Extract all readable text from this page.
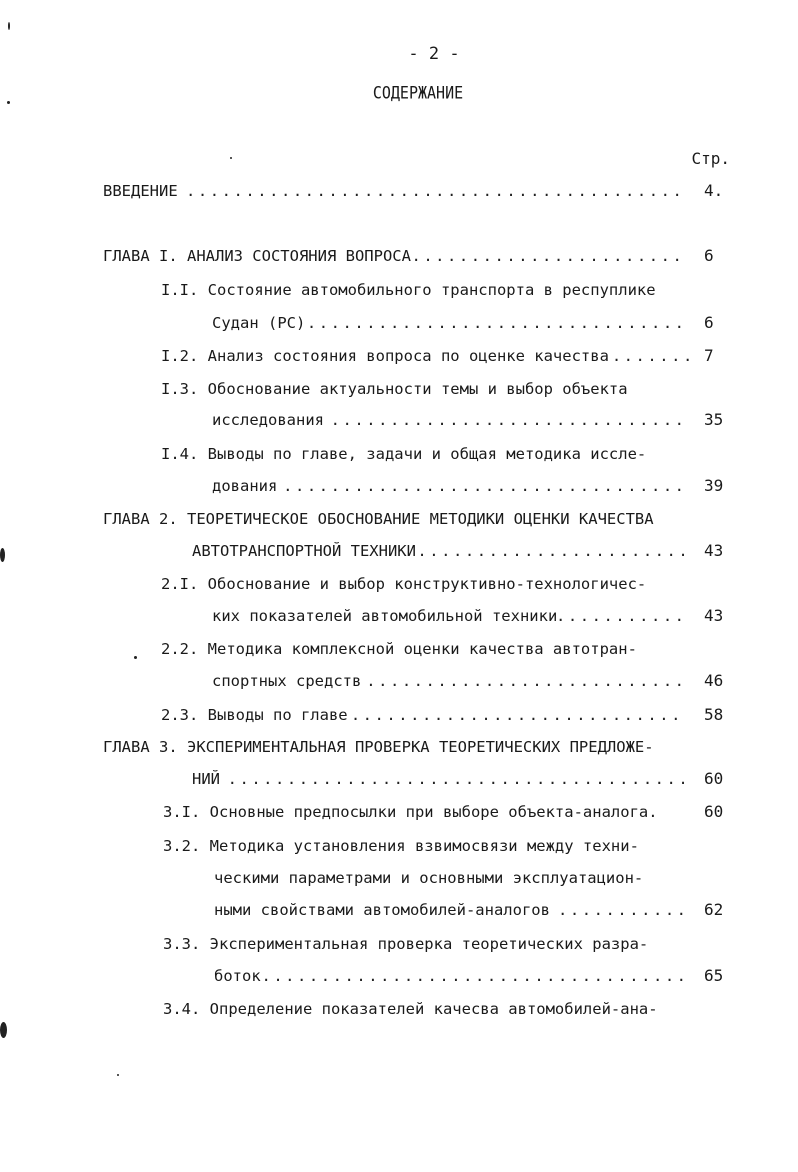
- 2 -
СОДЕРЖАНИЕ
Стр.
ВВЕДЕНИЕ . . .	4.
ГЛАВА I. АНАЛИЗ СОСТОЯНИЯ ВОПРОСА . . .	6
I.I. Состояние автомобильного транспорта в респуплике
Судан (PC) . . .	6
I.2. Анализ состояния вопроса по оценке качества . . .	7
I.3. Обоснование актуальности темы и выбор объекта
исследования . . .	35
I.4. Выводы по главе, задачи и общая методика иссле-
дования . . .	39
ГЛАВА 2. ТЕОРЕТИЧЕСКОЕ ОБОСНОВАНИЕ МЕТОДИКИ ОЦЕНКИ КАЧЕСТВА
АВТОТРАНСПОРТНОЙ ТЕХНИКИ . . .	43
2.I. Обоснование и выбор конструктивно-технологичес-
ких показателей автомобильной техники . . .	43
2.2. Методика комплексной оценки качества автотран-
спортных средств . . .	46
2.3. Выводы по главе . . .	58
ГЛАВА 3. ЭКСПЕРИМЕНТАЛЬНАЯ ПРОВЕРКА ТЕОРЕТИЧЕСКИХ ПРЕДЛОЖЕ-
НИЙ . . .	60
3.I. Основные предпосылки при выборе объекта-аналога.	60
3.2. Методика установления взвимосвязи между техни-
ческими параметрами и основными эксплуатацион-
ными свойствами автомобилей-аналогов . . .	62
3.3. Экспериментальная проверка теоретических разра-
боток . . .	65
3.4. Определение показателей качесва автомобилей-ана-
